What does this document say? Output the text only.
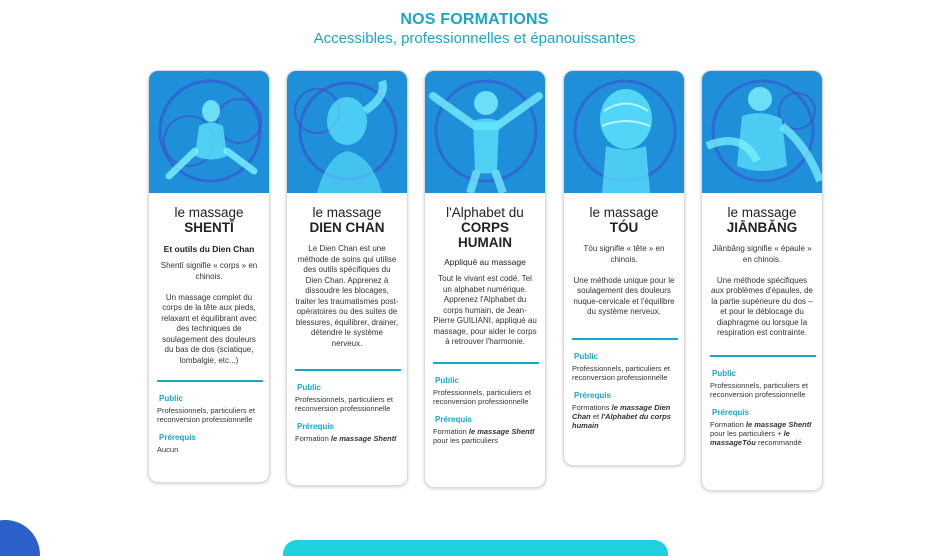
NOS FORMATIONS

Accessibles, professionnelles et épanouissantes

le massage
SHENTĪ
Et outils du Dien Chan
Shentī signifie « corps » en chinois.

Un massage complet du corps de la tête aux pieds, relaxant et équilibrant avec des techniques de soulagement des douleurs du bas de dos (sciatique, lombalgie, etc...)
Public
Professionnels, particuliers et reconversion professionnelle
Prérequis
Aucun
le massage
DIEN CHAN
Le Dien Chan est une méthode de soins qui utilise des outils spécifiques du Dien Chan. Apprenez à dissoudre les blocages, traiter les traumatismes post-opératoires ou des suites de blessures, équilibrer, drainer, détendre le système nerveux.
Public
Professionnels, particuliers et reconversion professionnelle
Prérequis
Formation le massage Shentī
l'Alphabet du
CORPS HUMAIN
Appliqué au massage
Tout le vivant est codé. Tel un alphabet numérique. Apprenez l'Alphabet du corps humain, de Jean-Pierre GUILIANI, appliqué au massage, pour aider le corps à retrouver l'harmonie.
Public
Professionnels, particuliers et reconversion professionnelle
Prérequis
Formation le massage Shentī pour les particuliers
le massage
TÓU
Tóu signifie « tête » en chinois.

Une méthode unique pour le soulagement des douleurs nuque-cervicale et l'équilibre du système nerveux.
Public
Professionnels, particuliers et reconversion professionnelle
Prérequis
Formations le massage Dien Chan et l'Alphabet du corps humain
le massage
JIĀNBǍNG
Jiānbǎng signifie « épaule » en chinois.

Une méthode spécifiques aux problèmes d'épaules, de la partie supérieure du dos – et pour le déblocage du diaphragme ou lorsque la respiration est contrainte.
Public
Professionnels, particuliers et reconversion professionnelle
Prérequis
Formation le massage Shentī pour les particuliers + le massageTóu recommandé
